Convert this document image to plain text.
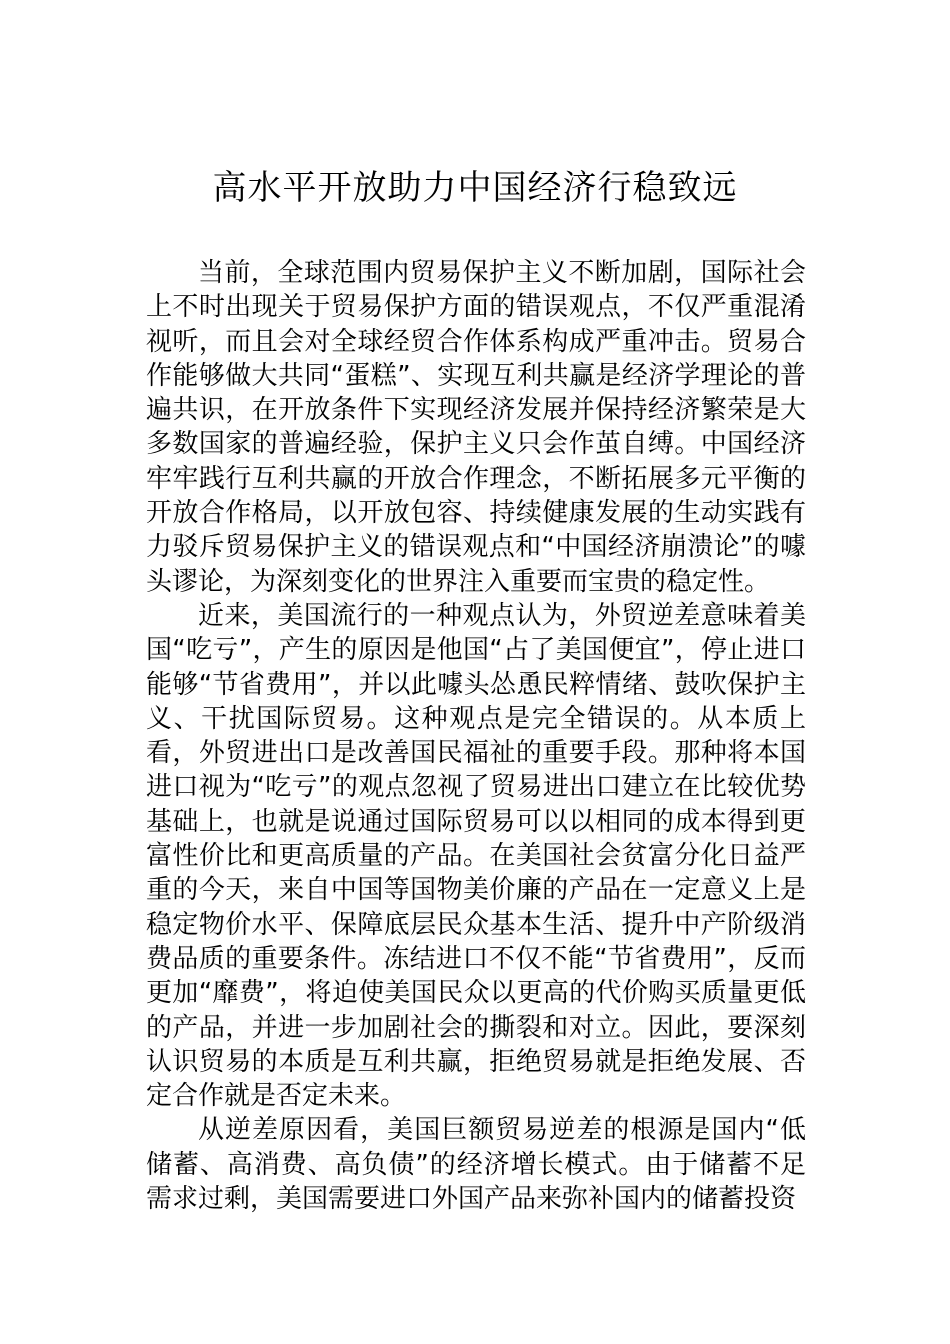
高水平开放助力中国经济行稳致远

当前，全球范围内贸易保护主义不断加剧，国际社会上不时出现关于贸易保护方面的错误观点，不仅严重混淆视听，而且会对全球经贸合作体系构成严重冲击。贸易合作能够做大共同“蛋糕”、实现互利共赢是经济学理论的普遍共识，在开放条件下实现经济发展并保持经济繁荣是大多数国家的普遍经验，保护主义只会作茧自缚。中国经济牢牢践行互利共赢的开放合作理念，不断拓展多元平衡的开放合作格局，以开放包容、持续健康发展的生动实践有力驳斥贸易保护主义的错误观点和“中国经济崩溃论”的噱头谬论，为深刻变化的世界注入重要而宝贵的稳定性。

近来，美国流行的一种观点认为，外贸逆差意味着美国“吃亏”，产生的原因是他国“占了美国便宜”，停止进口能够“节省费用”，并以此噱头怂恿民粹情绪、鼓吹保护主义、干扰国际贸易。这种观点是完全错误的。从本质上看，外贸进出口是改善国民福祉的重要手段。那种将本国进口视为“吃亏”的观点忽视了贸易进出口建立在比较优势基础上，也就是说通过国际贸易可以以相同的成本得到更富性价比和更高质量的产品。在美国社会贫富分化日益严重的今天，来自中国等国物美价廉的产品在一定意义上是稳定物价水平、保障底层民众基本生活、提升中产阶级消费品质的重要条件。冻结进口不仅不能“节省费用”，反而更加“靡费”，将迫使美国民众以更高的代价购买质量更低的产品，并进一步加剧社会的撕裂和对立。因此，要深刻认识贸易的本质是互利共赢，拒绝贸易就是拒绝发展、否定合作就是否定未来。

从逆差原因看，美国巨额贸易逆差的根源是国内“低储蓄、高消费、高负债”的经济增长模式。由于储蓄不足需求过剩，美国需要进口外国产品来弥补国内的储蓄投资
